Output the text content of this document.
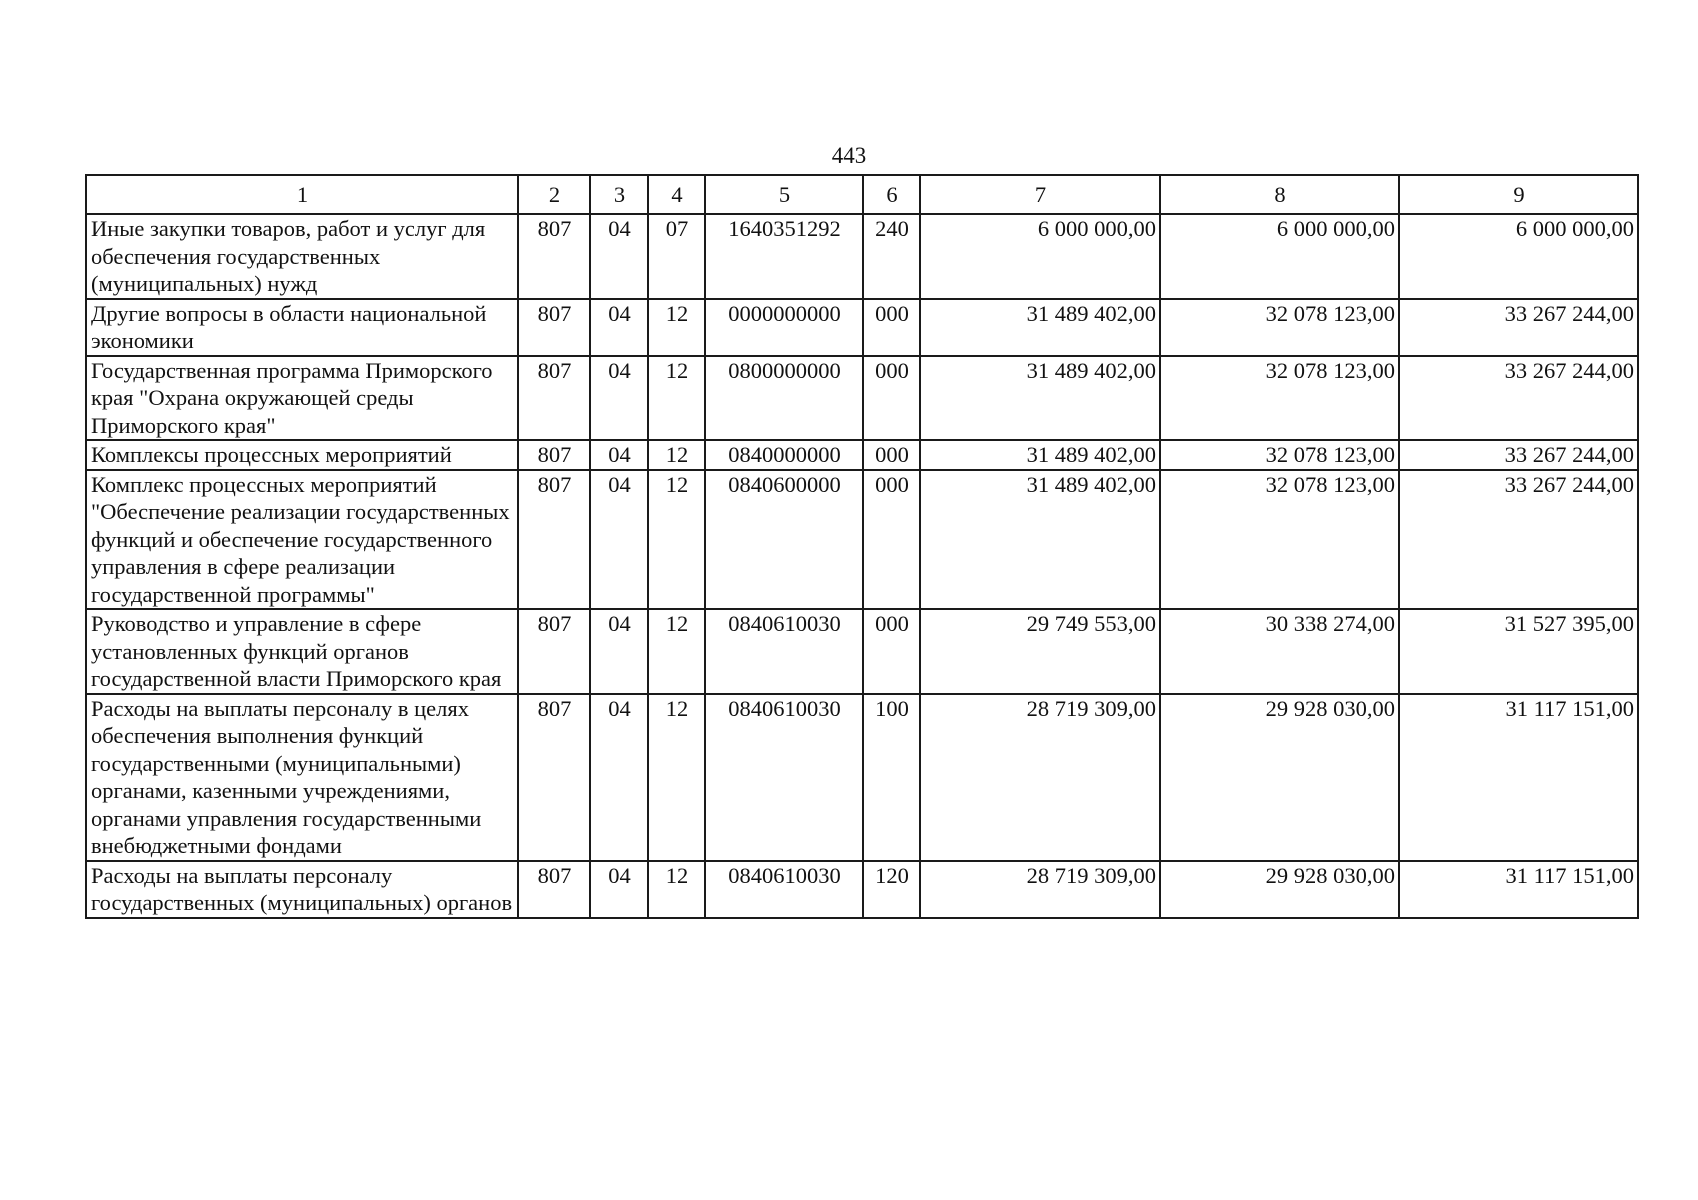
443
1	2	3	4	5	6	7	8	9
Иные закупки товаров, работ и услуг для обеспечения государственных (муниципальных) нужд	807	04	07	1640351292	240	6 000 000,00	6 000 000,00	6 000 000,00
Другие вопросы в области национальной экономики	807	04	12	0000000000	000	31 489 402,00	32 078 123,00	33 267 244,00
Государственная программа Приморского края "Охрана окружающей среды Приморского края"	807	04	12	0800000000	000	31 489 402,00	32 078 123,00	33 267 244,00
Комплексы процессных мероприятий	807	04	12	0840000000	000	31 489 402,00	32 078 123,00	33 267 244,00
Комплекс процессных мероприятий "Обеспечение реализации государственных функций и обеспечение государственного управления в сфере реализации государственной программы"	807	04	12	0840600000	000	31 489 402,00	32 078 123,00	33 267 244,00
Руководство и управление в сфере установленных функций органов государственной власти Приморского края	807	04	12	0840610030	000	29 749 553,00	30 338 274,00	31 527 395,00
Расходы на выплаты персоналу в целях обеспечения выполнения функций государственными (муниципальными) органами, казенными учреждениями, органами управления государственными внебюджетными фондами	807	04	12	0840610030	100	28 719 309,00	29 928 030,00	31 117 151,00
Расходы на выплаты персоналу государственных (муниципальных) органов	807	04	12	0840610030	120	28 719 309,00	29 928 030,00	31 117 151,00
